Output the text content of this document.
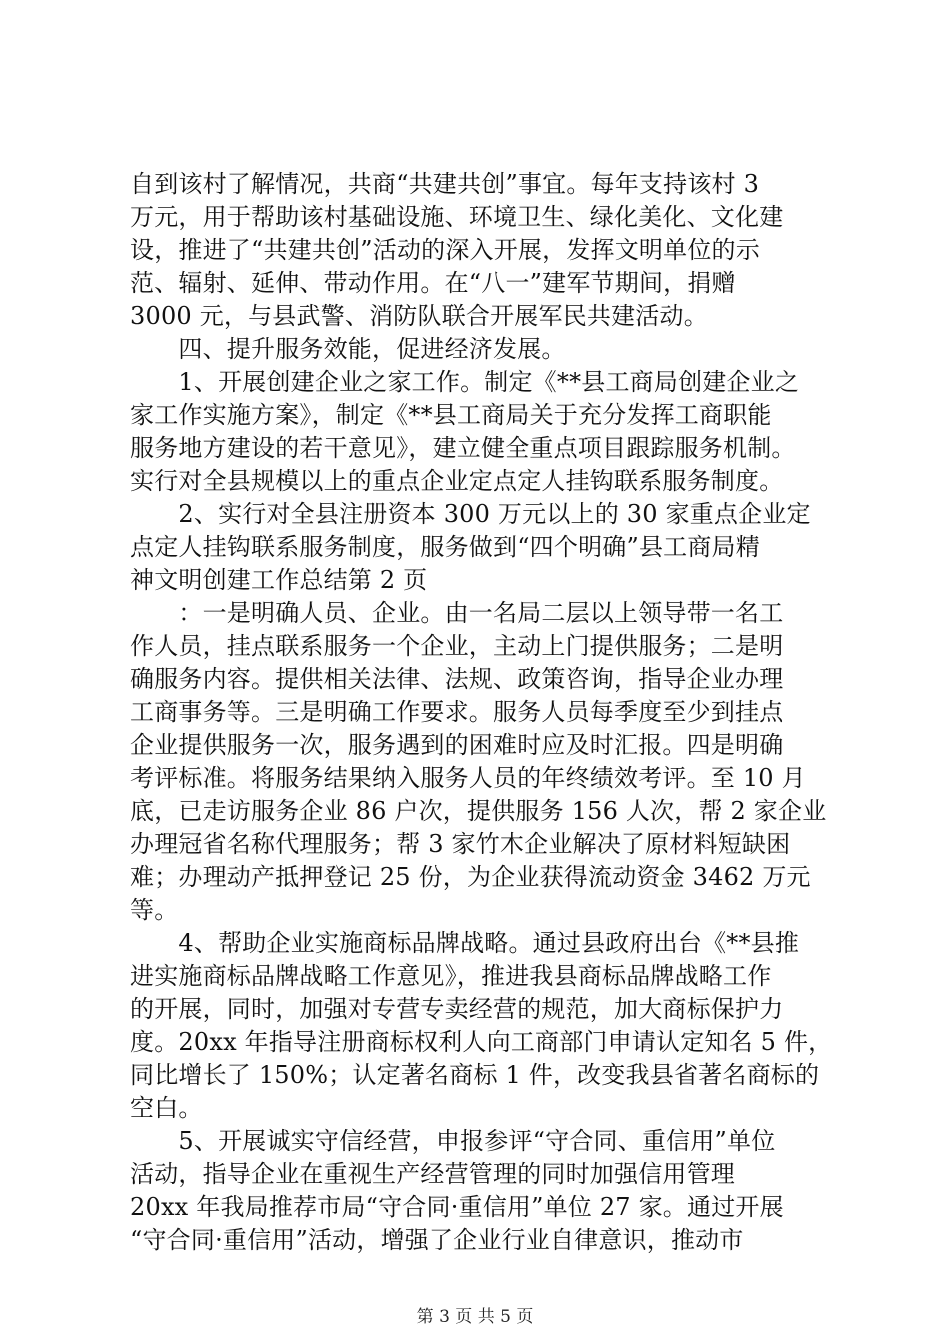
自到该村了解情况，共商“共建共创”事宜。每年支持该村 3
万元，用于帮助该村基础设施、环境卫生、绿化美化、文化建
设，推进了“共建共创”活动的深入开展，发挥文明单位的示
范、辐射、延伸、带动作用。在“八一”建军节期间，捐赠
3000 元，与县武警、消防队联合开展军民共建活动。
　　四、提升服务效能，促进经济发展。
　　1、开展创建企业之家工作。制定《**县工商局创建企业之
家工作实施方案》，制定《**县工商局关于充分发挥工商职能
服务地方建设的若干意见》，建立健全重点项目跟踪服务机制。
实行对全县规模以上的重点企业定点定人挂钩联系服务制度。
　　2、实行对全县注册资本 300 万元以上的 30 家重点企业定
点定人挂钩联系服务制度，服务做到“四个明确”县工商局精
神文明创建工作总结第 2 页
　　：一是明确人员、企业。由一名局二层以上领导带一名工
作人员，挂点联系服务一个企业，主动上门提供服务；二是明
确服务内容。提供相关法律、法规、政策咨询，指导企业办理
工商事务等。三是明确工作要求。服务人员每季度至少到挂点
企业提供服务一次，服务遇到的困难时应及时汇报。四是明确
考评标准。将服务结果纳入服务人员的年终绩效考评。至 10 月
底，已走访服务企业 86 户次，提供服务 156 人次，帮 2 家企业
办理冠省名称代理服务；帮 3 家竹木企业解决了原材料短缺困
难；办理动产抵押登记 25 份，为企业获得流动资金 3462 万元
等。
　　4、帮助企业实施商标品牌战略。通过县政府出台《**县推
进实施商标品牌战略工作意见》，推进我县商标品牌战略工作
的开展，同时，加强对专营专卖经营的规范，加大商标保护力
度。20xx 年指导注册商标权利人向工商部门申请认定知名 5 件，
同比增长了 150%；认定著名商标 1 件，改变我县省著名商标的
空白。
　　5、开展诚实守信经营，申报参评“守合同、重信用”单位
活动，指导企业在重视生产经营管理的同时加强信用管理
20xx 年我局推荐市局“守合同·重信用”单位 27 家。通过开展
“守合同·重信用”活动，增强了企业行业自律意识，推动市
第 3 页 共 5 页
